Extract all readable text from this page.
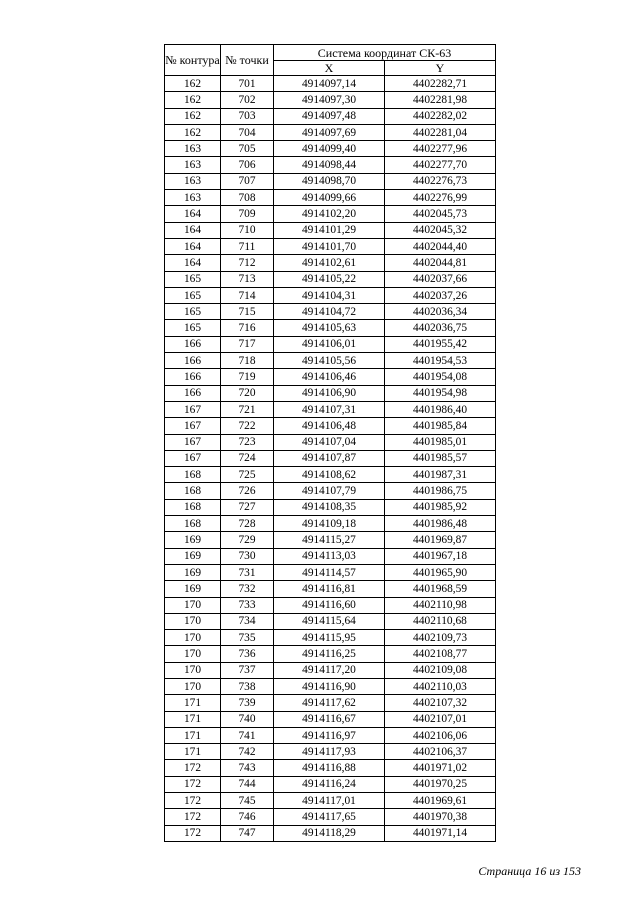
№ контура	№ точки	Система координат СК-63	
		X	Y
162	701	4914097,14	4402282,71
162	702	4914097,30	4402281,98
162	703	4914097,48	4402282,02
162	704	4914097,69	4402281,04
163	705	4914099,40	4402277,96
163	706	4914098,44	4402277,70
163	707	4914098,70	4402276,73
163	708	4914099,66	4402276,99
164	709	4914102,20	4402045,73
164	710	4914101,29	4402045,32
164	711	4914101,70	4402044,40
164	712	4914102,61	4402044,81
165	713	4914105,22	4402037,66
165	714	4914104,31	4402037,26
165	715	4914104,72	4402036,34
165	716	4914105,63	4402036,75
166	717	4914106,01	4401955,42
166	718	4914105,56	4401954,53
166	719	4914106,46	4401954,08
166	720	4914106,90	4401954,98
167	721	4914107,31	4401986,40
167	722	4914106,48	4401985,84
167	723	4914107,04	4401985,01
167	724	4914107,87	4401985,57
168	725	4914108,62	4401987,31
168	726	4914107,79	4401986,75
168	727	4914108,35	4401985,92
168	728	4914109,18	4401986,48
169	729	4914115,27	4401969,87
169	730	4914113,03	4401967,18
169	731	4914114,57	4401965,90
169	732	4914116,81	4401968,59
170	733	4914116,60	4402110,98
170	734	4914115,64	4402110,68
170	735	4914115,95	4402109,73
170	736	4914116,25	4402108,77
170	737	4914117,20	4402109,08
170	738	4914116,90	4402110,03
171	739	4914117,62	4402107,32
171	740	4914116,67	4402107,01
171	741	4914116,97	4402106,06
171	742	4914117,93	4402106,37
172	743	4914116,88	4401971,02
172	744	4914116,24	4401970,25
172	745	4914117,01	4401969,61
172	746	4914117,65	4401970,38
172	747	4914118,29	4401971,14
Страница 16 из 153
